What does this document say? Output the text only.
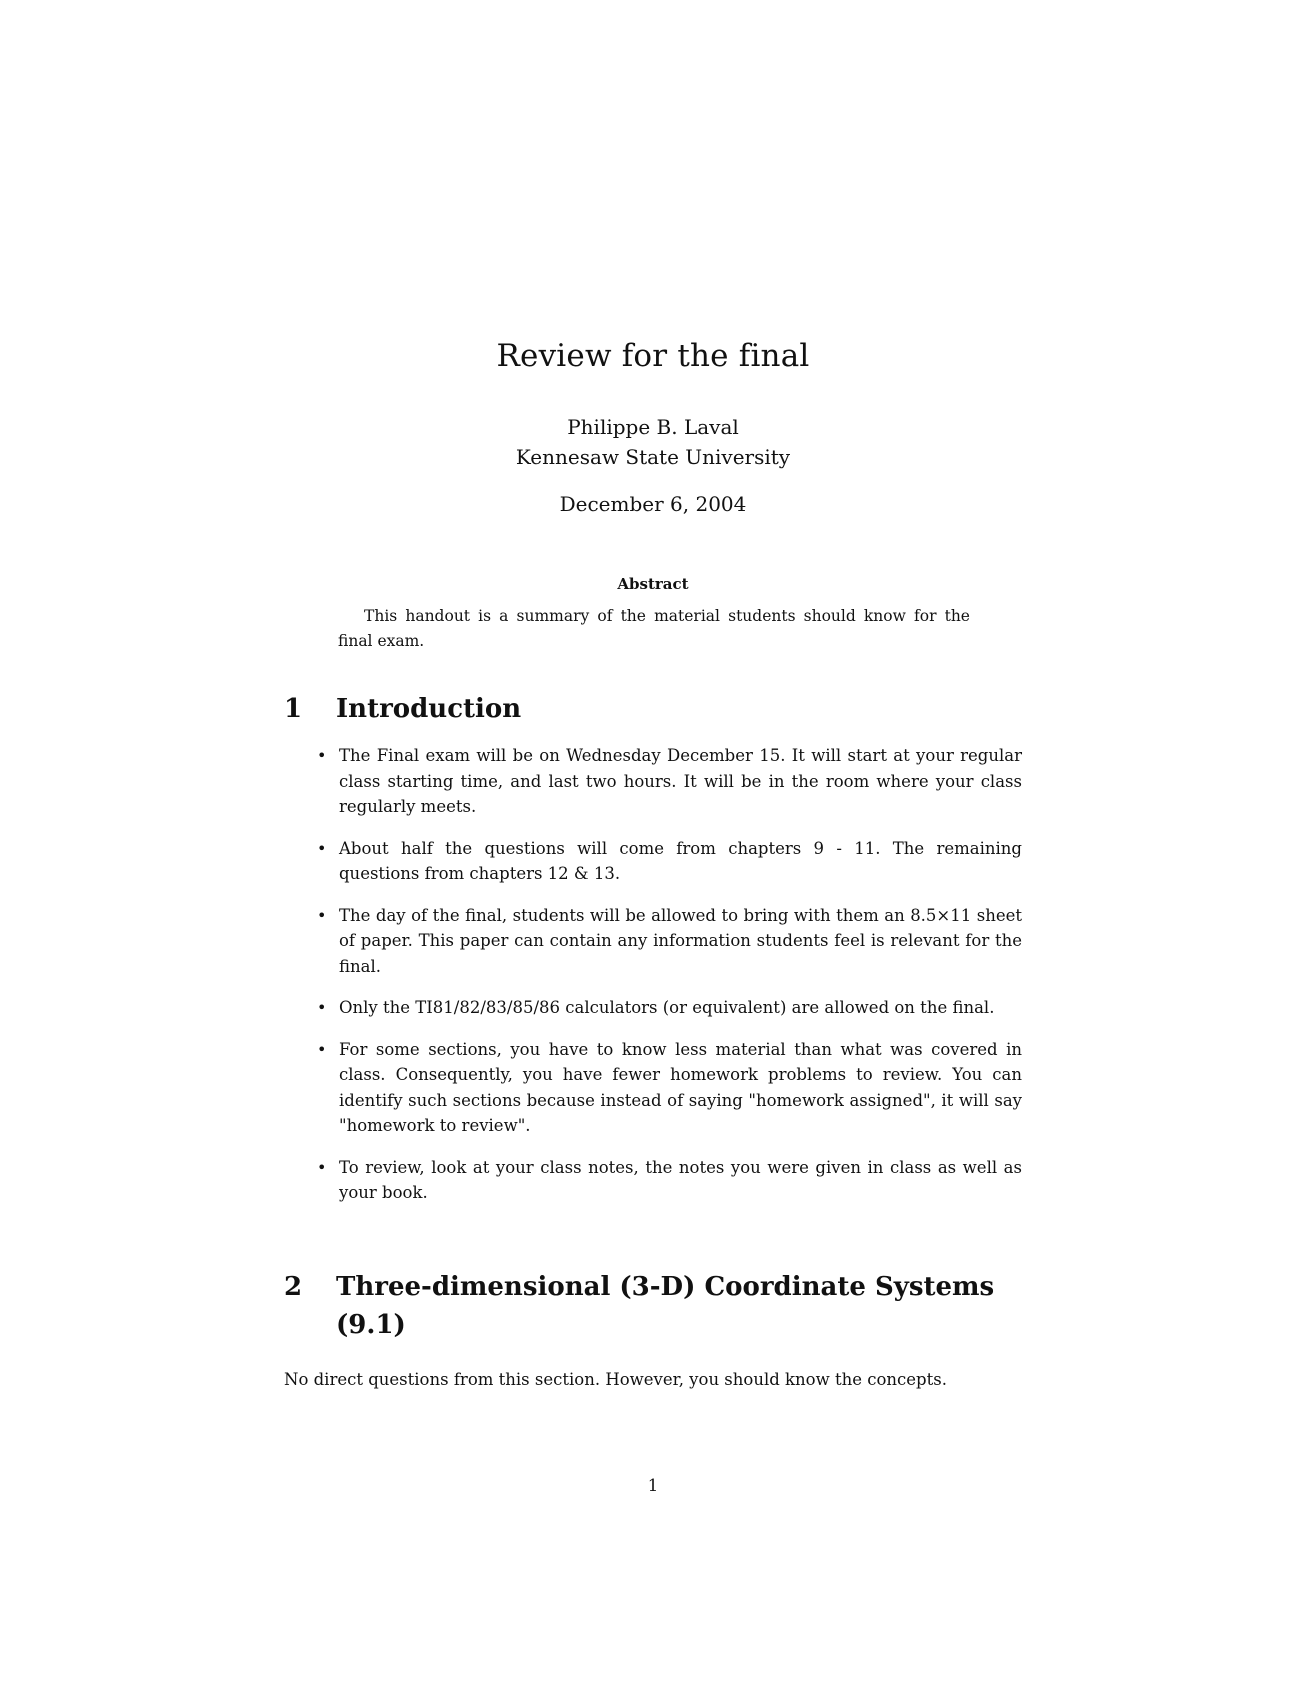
Review for the final
Philippe B. Laval
Kennesaw State University
December 6, 2004
Abstract
This handout is a summary of the material students should know for the final exam.
1 Introduction
• The Final exam will be on Wednesday December 15. It will start at your regular class starting time, and last two hours. It will be in the room where your class regularly meets.
• About half the questions will come from chapters 9 - 11. The remaining questions from chapters 12 & 13.
• The day of the final, students will be allowed to bring with them an 8.5×11 sheet of paper. This paper can contain any information students feel is relevant for the final.
• Only the TI81/82/83/85/86 calculators (or equivalent) are allowed on the final.
• For some sections, you have to know less material than what was covered in class. Consequently, you have fewer homework problems to review. You can identify such sections because instead of saying "homework assigned", it will say "homework to review".
• To review, look at your class notes, the notes you were given in class as well as your book.
2 Three-dimensional (3-D) Coordinate Systems (9.1)
No direct questions from this section. However, you should know the concepts.
1
